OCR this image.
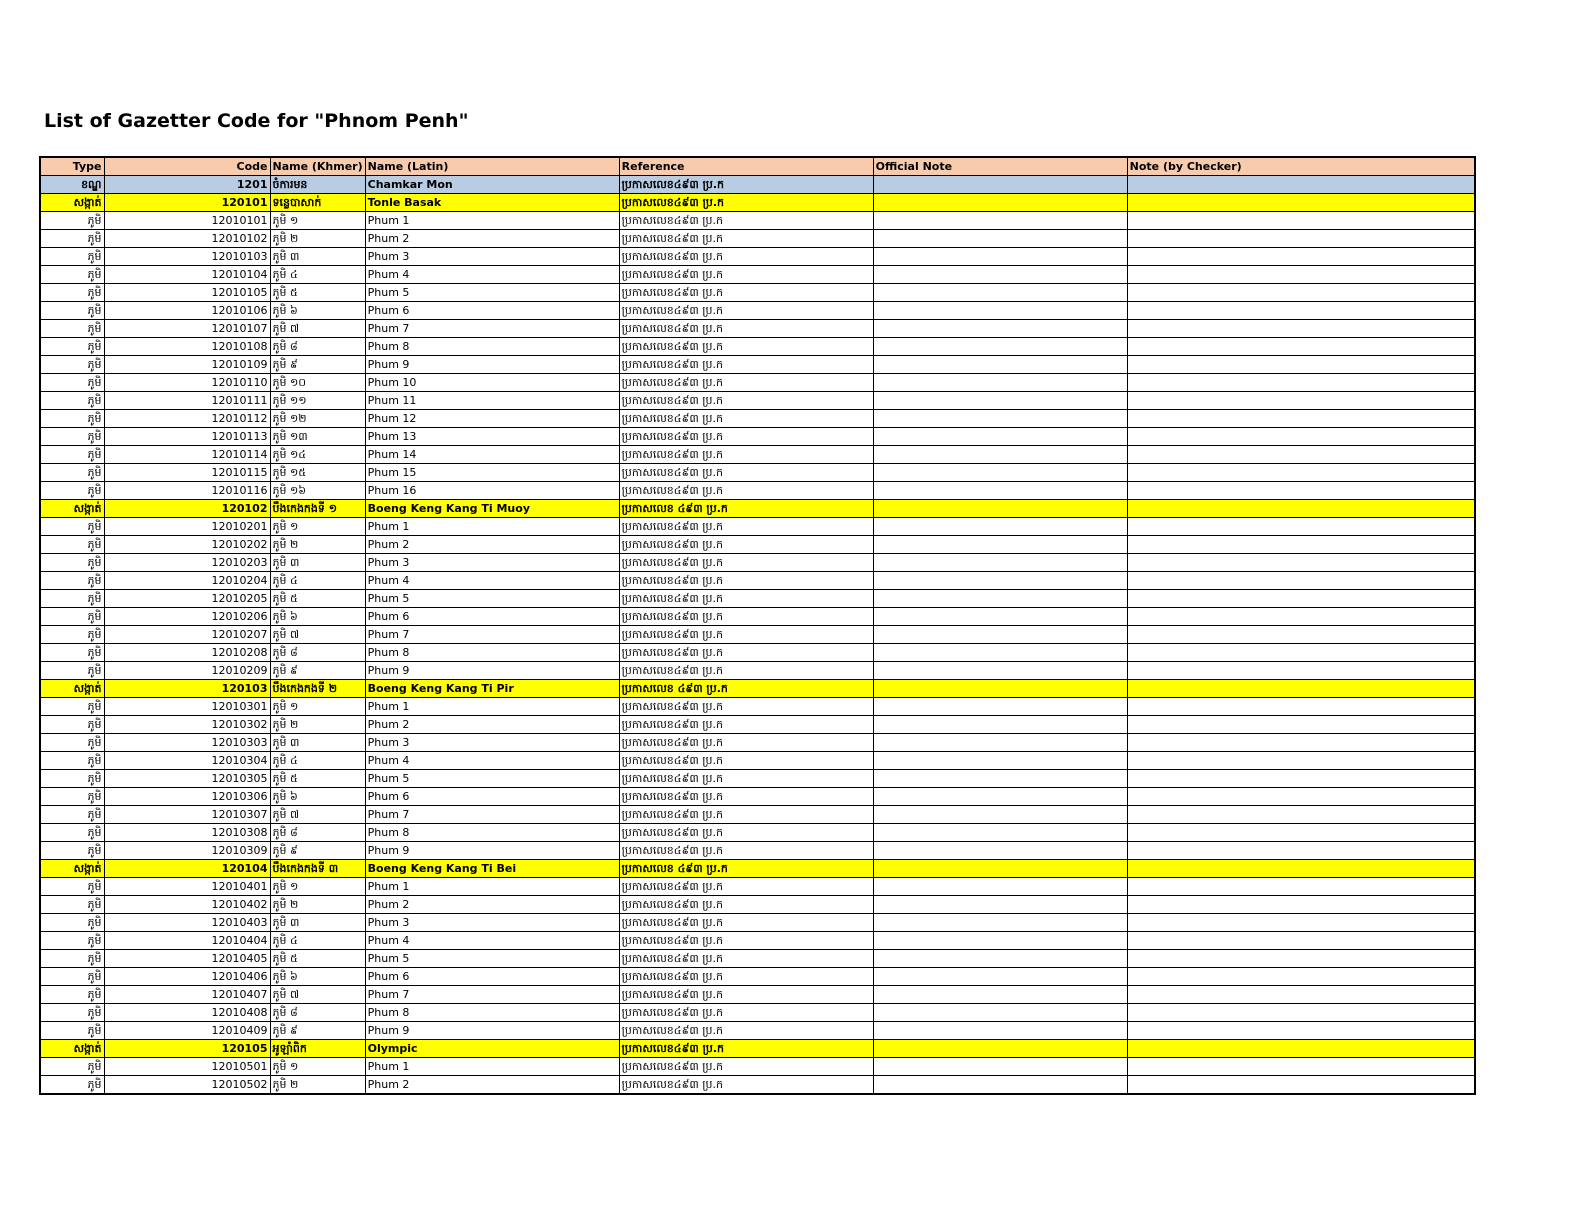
List of Gazetter Code for "Phnom Penh"
Type	Code	Name (Khmer)	Name (Latin)	Reference	Official Note	Note (by Checker)
ខណ្ឌ	1201	ចំការមន	Chamkar Mon	ប្រកាសលេខ៤៩៣ ប្រ.ក		
សង្កាត់	120101	ទន្លេបាសាក់	Tonle Basak	ប្រកាសលេខ៤៩៣ ប្រ.ក		
ភូមិ	12010101	ភូមិ ១	Phum 1	ប្រកាសលេខ៤៩៣ ប្រ.ក		
ភូមិ	12010102	ភូមិ ២	Phum 2	ប្រកាសលេខ៤៩៣ ប្រ.ក		
ភូមិ	12010103	ភូមិ ៣	Phum 3	ប្រកាសលេខ៤៩៣ ប្រ.ក		
ភូមិ	12010104	ភូមិ ៤	Phum 4	ប្រកាសលេខ៤៩៣ ប្រ.ក		
ភូមិ	12010105	ភូមិ ៥	Phum 5	ប្រកាសលេខ៤៩៣ ប្រ.ក		
ភូមិ	12010106	ភូមិ ៦	Phum 6	ប្រកាសលេខ៤៩៣ ប្រ.ក		
ភូមិ	12010107	ភូមិ ៧	Phum 7	ប្រកាសលេខ៤៩៣ ប្រ.ក		
ភូមិ	12010108	ភូមិ ៨	Phum 8	ប្រកាសលេខ៤៩៣ ប្រ.ក		
ភូមិ	12010109	ភូមិ ៩	Phum 9	ប្រកាសលេខ៤៩៣ ប្រ.ក		
ភូមិ	12010110	ភូមិ ១០	Phum 10	ប្រកាសលេខ៤៩៣ ប្រ.ក		
ភូមិ	12010111	ភូមិ ១១	Phum 11	ប្រកាសលេខ៤៩៣ ប្រ.ក		
ភូមិ	12010112	ភូមិ ១២	Phum 12	ប្រកាសលេខ៤៩៣ ប្រ.ក		
ភូមិ	12010113	ភូមិ ១៣	Phum 13	ប្រកាសលេខ៤៩៣ ប្រ.ក		
ភូមិ	12010114	ភូមិ ១៤	Phum 14	ប្រកាសលេខ៤៩៣ ប្រ.ក		
ភូមិ	12010115	ភូមិ ១៥	Phum 15	ប្រកាសលេខ៤៩៣ ប្រ.ក		
ភូមិ	12010116	ភូមិ ១៦	Phum 16	ប្រកាសលេខ៤៩៣ ប្រ.ក		
សង្កាត់	120102	បឹងកេងកងទី ១	Boeng Keng Kang Ti Muoy	ប្រកាសលេខ ៤៩៣ ប្រ.ក		
ភូមិ	12010201	ភូមិ ១	Phum 1	ប្រកាសលេខ៤៩៣ ប្រ.ក		
ភូមិ	12010202	ភូមិ ២	Phum 2	ប្រកាសលេខ៤៩៣ ប្រ.ក		
ភូមិ	12010203	ភូមិ ៣	Phum 3	ប្រកាសលេខ៤៩៣ ប្រ.ក		
ភូមិ	12010204	ភូមិ ៤	Phum 4	ប្រកាសលេខ៤៩៣ ប្រ.ក		
ភូមិ	12010205	ភូមិ ៥	Phum 5	ប្រកាសលេខ៤៩៣ ប្រ.ក		
ភូមិ	12010206	ភូមិ ៦	Phum 6	ប្រកាសលេខ៤៩៣ ប្រ.ក		
ភូមិ	12010207	ភូមិ ៧	Phum 7	ប្រកាសលេខ៤៩៣ ប្រ.ក		
ភូមិ	12010208	ភូមិ ៨	Phum 8	ប្រកាសលេខ៤៩៣ ប្រ.ក		
ភូមិ	12010209	ភូមិ ៩	Phum 9	ប្រកាសលេខ៤៩៣ ប្រ.ក		
សង្កាត់	120103	បឹងកេងកងទី ២	Boeng Keng Kang Ti Pir	ប្រកាសលេខ ៤៩៣ ប្រ.ក		
ភូមិ	12010301	ភូមិ ១	Phum 1	ប្រកាសលេខ៤៩៣ ប្រ.ក		
ភូមិ	12010302	ភូមិ ២	Phum 2	ប្រកាសលេខ៤៩៣ ប្រ.ក		
ភូមិ	12010303	ភូមិ ៣	Phum 3	ប្រកាសលេខ៤៩៣ ប្រ.ក		
ភូមិ	12010304	ភូមិ ៤	Phum 4	ប្រកាសលេខ៤៩៣ ប្រ.ក		
ភូមិ	12010305	ភូមិ ៥	Phum 5	ប្រកាសលេខ៤៩៣ ប្រ.ក		
ភូមិ	12010306	ភូមិ ៦	Phum 6	ប្រកាសលេខ៤៩៣ ប្រ.ក		
ភូមិ	12010307	ភូមិ ៧	Phum 7	ប្រកាសលេខ៤៩៣ ប្រ.ក		
ភូមិ	12010308	ភូមិ ៨	Phum 8	ប្រកាសលេខ៤៩៣ ប្រ.ក		
ភូមិ	12010309	ភូមិ ៩	Phum 9	ប្រកាសលេខ៤៩៣ ប្រ.ក		
សង្កាត់	120104	បឹងកេងកងទី ៣	Boeng Keng Kang Ti Bei	ប្រកាសលេខ ៤៩៣ ប្រ.ក		
ភូមិ	12010401	ភូមិ ១	Phum 1	ប្រកាសលេខ៤៩៣ ប្រ.ក		
ភូមិ	12010402	ភូមិ ២	Phum 2	ប្រកាសលេខ៤៩៣ ប្រ.ក		
ភូមិ	12010403	ភូមិ ៣	Phum 3	ប្រកាសលេខ៤៩៣ ប្រ.ក		
ភូមិ	12010404	ភូមិ ៤	Phum 4	ប្រកាសលេខ៤៩៣ ប្រ.ក		
ភូមិ	12010405	ភូមិ ៥	Phum 5	ប្រកាសលេខ៤៩៣ ប្រ.ក		
ភូមិ	12010406	ភូមិ ៦	Phum 6	ប្រកាសលេខ៤៩៣ ប្រ.ក		
ភូមិ	12010407	ភូមិ ៧	Phum 7	ប្រកាសលេខ៤៩៣ ប្រ.ក		
ភូមិ	12010408	ភូមិ ៨	Phum 8	ប្រកាសលេខ៤៩៣ ប្រ.ក		
ភូមិ	12010409	ភូមិ ៩	Phum 9	ប្រកាសលេខ៤៩៣ ប្រ.ក		
សង្កាត់	120105	អូឡាំពិក	Olympic	ប្រកាសលេខ៤៩៣ ប្រ.ក		
ភូមិ	12010501	ភូមិ ១	Phum 1	ប្រកាសលេខ៤៩៣ ប្រ.ក		
ភូមិ	12010502	ភូមិ ២	Phum 2	ប្រកាសលេខ៤៩៣ ប្រ.ក		
